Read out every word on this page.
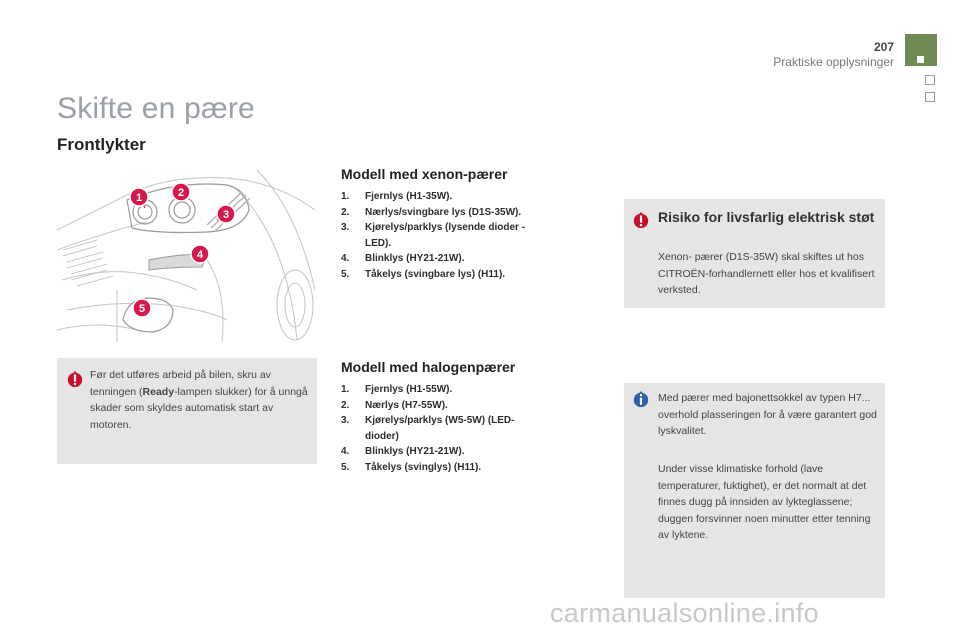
207
Praktiske opplysninger
Skifte en pære
Frontlykter
1	2
3
4
5
Modell med xenon-pærer
1. Fjernlys (H1-35W).
2. Nærlys/svingbare lys (D1S-35W).
3. Kjørelys/parklys (lysende dioder - LED).
4. Blinklys (HY21-21W).
5. Tåkelys (svingbare lys) (H11).
Modell med halogenpærer
1. Fjernlys (H1-55W).
2. Nærlys (H7-55W).
3. Kjørelys/parklys (W5-5W) (LED-dioder)
4. Blinklys (HY21-21W).
5. Tåkelys (svinglys) (H11).
Før det utføres arbeid på bilen, skru av tenningen (Ready-lampen slukker) for å unngå skader som skyldes automatisk start av motoren.
Risiko for livsfarlig elektrisk støt
Xenon- pærer (D1S-35W) skal skiftes ut hos CITROËN-forhandlernett eller hos et kvalifisert verksted.
Med pærer med bajonettsokkel av typen H7... overhold plasseringen for å være garantert god lyskvalitet.
Under visse klimatiske forhold (lave temperaturer, fuktighet), er det normalt at det finnes dugg på innsiden av lykteglassene; duggen forsvinner noen minutter etter tenning av lyktene.
carmanualsonline.info
